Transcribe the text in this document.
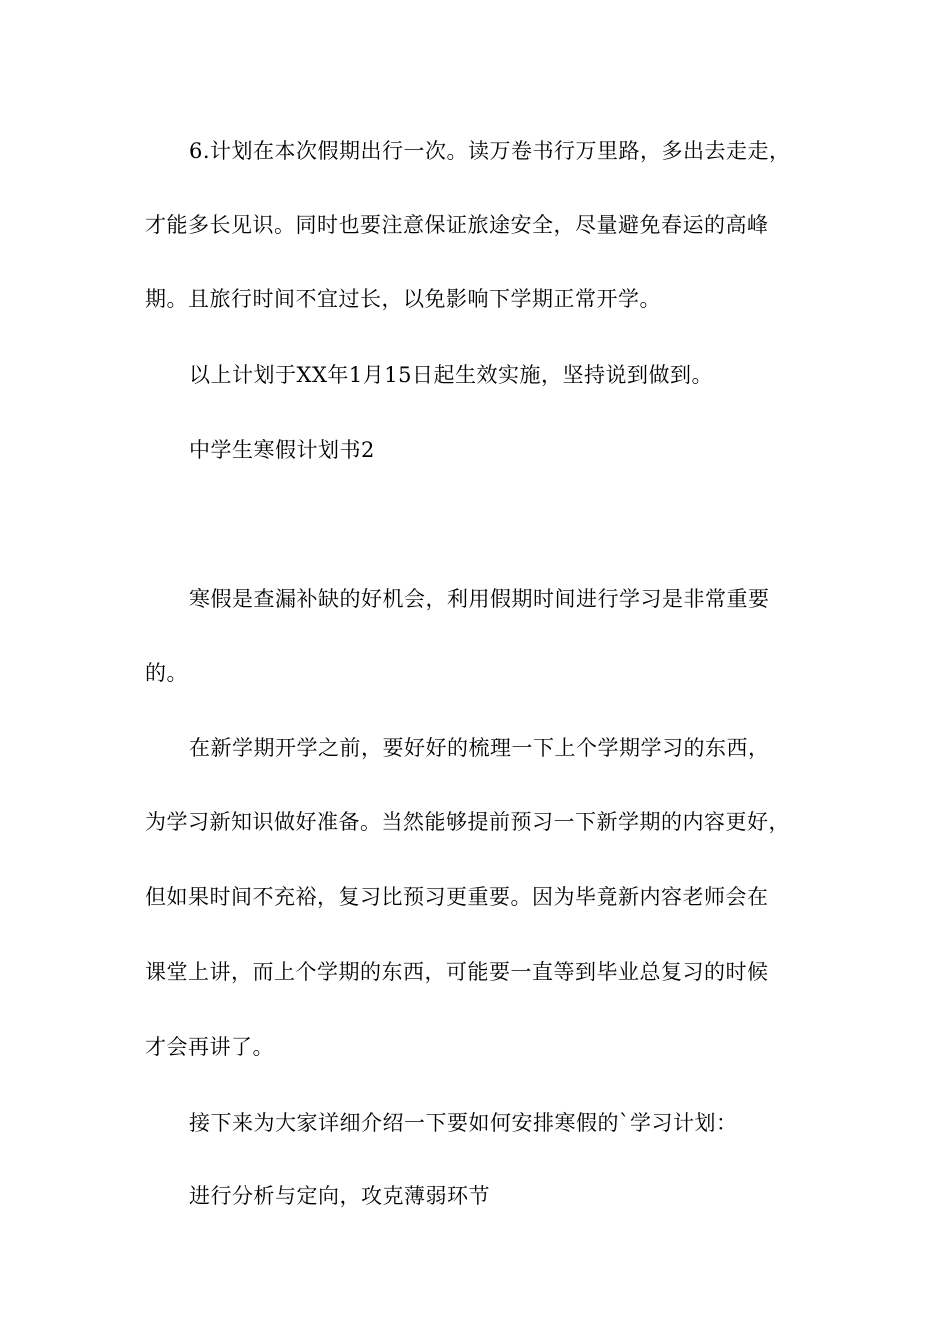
6.计划在本次假期出行一次。读万卷书行万里路，多出去走走，
才能多长见识。同时也要注意保证旅途安全，尽量避免春运的高峰
期。且旅行时间不宜过长，以免影响下学期正常开学。
以上计划于XX年1月15日起生效实施，坚持说到做到。
中学生寒假计划书2
寒假是查漏补缺的好机会，利用假期时间进行学习是非常重要
的。
在新学期开学之前，要好好的梳理一下上个学期学习的东西，
为学习新知识做好准备。当然能够提前预习一下新学期的内容更好，
但如果时间不充裕，复习比预习更重要。因为毕竟新内容老师会在
课堂上讲，而上个学期的东西，可能要一直等到毕业总复习的时候
才会再讲了。
接下来为大家详细介绍一下要如何安排寒假的`学习计划：
进行分析与定向，攻克薄弱环节
